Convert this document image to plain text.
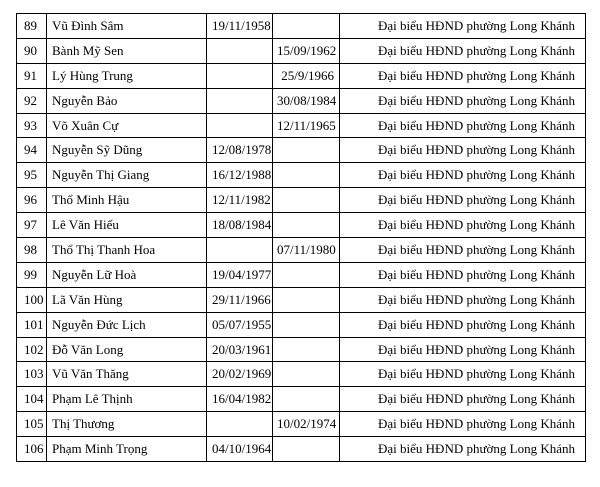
89	Vũ Đình Sâm	19/11/1958		Đại biểu HĐND phường Long Khánh
90	Bành Mỹ Sen		15/09/1962	Đại biểu HĐND phường Long Khánh
91	Lý Hùng Trung		25/9/1966	Đại biểu HĐND phường Long Khánh
92	Nguyễn Bảo		30/08/1984	Đại biểu HĐND phường Long Khánh
93	Võ Xuân Cự		12/11/1965	Đại biểu HĐND phường Long Khánh
94	Nguyễn Sỹ Dũng	12/08/1978		Đại biểu HĐND phường Long Khánh
95	Nguyễn Thị Giang	16/12/1988		Đại biểu HĐND phường Long Khánh
96	Thổ Minh Hậu	12/11/1982		Đại biểu HĐND phường Long Khánh
97	Lê Văn Hiếu	18/08/1984		Đại biểu HĐND phường Long Khánh
98	Thổ Thị Thanh Hoa		07/11/1980	Đại biểu HĐND phường Long Khánh
99	Nguyễn Lữ Hoà	19/04/1977		Đại biểu HĐND phường Long Khánh
100	Lã Văn Hùng	29/11/1966		Đại biểu HĐND phường Long Khánh
101	Nguyễn Đức Lịch	05/07/1955		Đại biểu HĐND phường Long Khánh
102	Đỗ Văn Long	20/03/1961		Đại biểu HĐND phường Long Khánh
103	Vũ Văn Thăng	20/02/1969		Đại biểu HĐND phường Long Khánh
104	Phạm Lê Thịnh	16/04/1982		Đại biểu HĐND phường Long Khánh
105	Thị Thương		10/02/1974	Đại biểu HĐND phường Long Khánh
106	Phạm Minh Trọng	04/10/1964		Đại biểu HĐND phường Long Khánh
